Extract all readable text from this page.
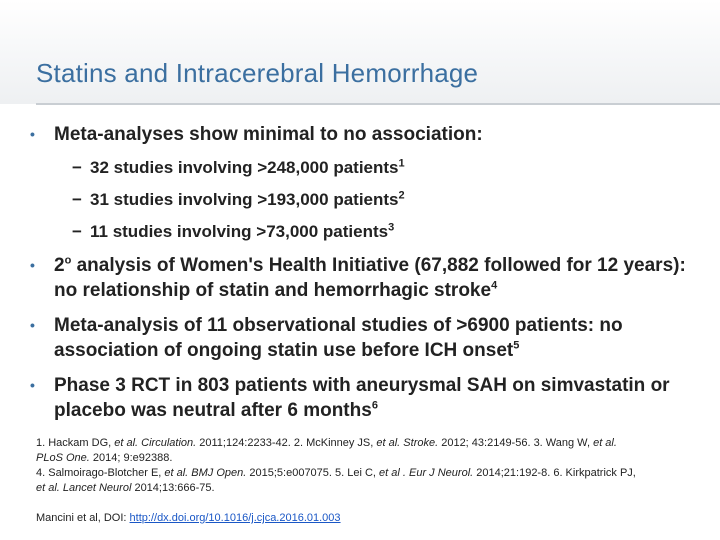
Statins and Intracerebral Hemorrhage
• Meta-analyses show minimal to no association:
− 32 studies involving >248,000 patients$^1$
− 31 studies involving >193,000 patients$^2$
− 11 studies involving >73,000 patients$^3$
• 2$^o$ analysis of Women's Health Initiative (67,882 followed for 12 years): no relationship of statin and hemorrhagic stroke$^4$
• Meta-analysis of 11 observational studies of >6900 patients: no association of ongoing statin use before ICH onset$^5$
• Phase 3 RCT in 803 patients with aneurysmal SAH on simvastatin or placebo was neutral after 6 months$^6$
1. Hackam DG, et al. Circulation. 2011;124:2233-42. 2. McKinney JS, et al. Stroke. 2012; 43:2149-56. 3. Wang W, et al.
PLoS One. 2014; 9:e92388.
4. Salmoirago-Blotcher E, et al. BMJ Open. 2015;5:e007075. 5. Lei C, et al . Eur J Neurol. 2014;21:192-8. 6. Kirkpatrick PJ,
et al. Lancet Neurol 2014;13:666-75.
Mancini et al, DOI: http://dx.doi.org/10.1016/j.cjca.2016.01.003
